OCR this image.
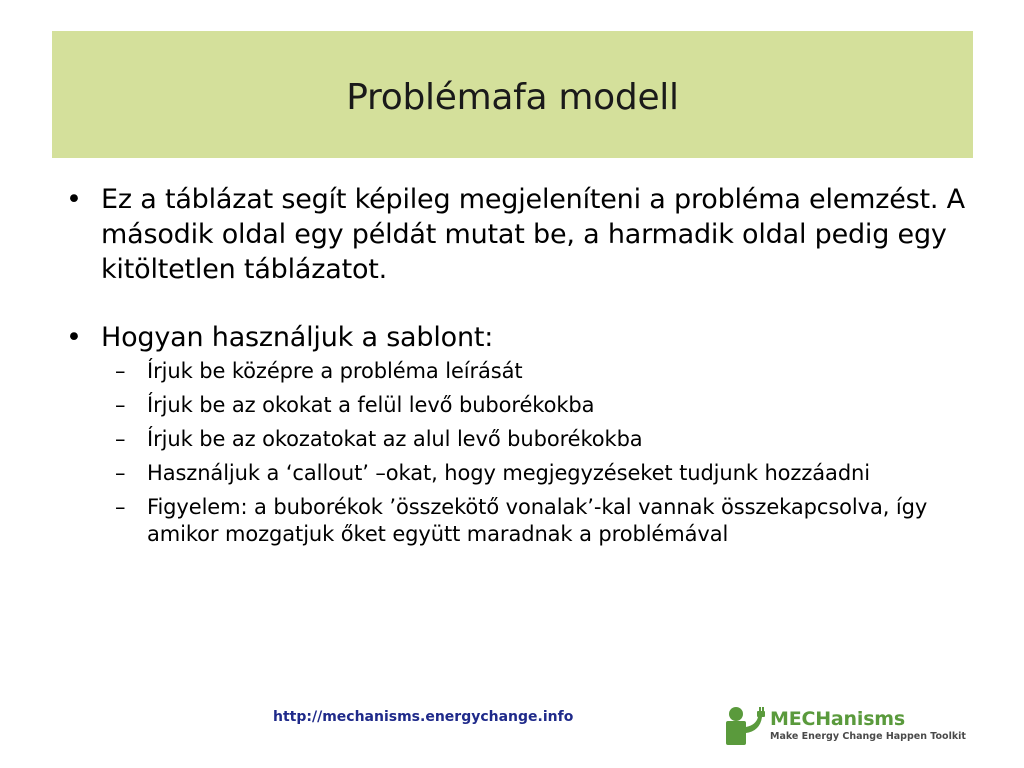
Problémafa modell
• Ez a táblázat segít képileg megjeleníteni a probléma elemzést. A második oldal egy példát mutat be, a harmadik oldal pedig egy kitöltetlen táblázatot.
• Hogyan használjuk a sablont:
– Írjuk be középre a probléma leírását
– Írjuk be az okokat a felül levő buborékokba
– Írjuk be az okozatokat az alul levő buborékokba
– Használjuk a ‘callout’ –okat, hogy megjegyzéseket tudjunk hozzáadni
– Figyelem: a buborékok ’összekötő vonalak’-kal vannak összekapcsolva, így amikor mozgatjuk őket együtt maradnak a problémával
http://mechanisms.energychange.info	MECHanisms
Make Energy Change Happen Toolkit
